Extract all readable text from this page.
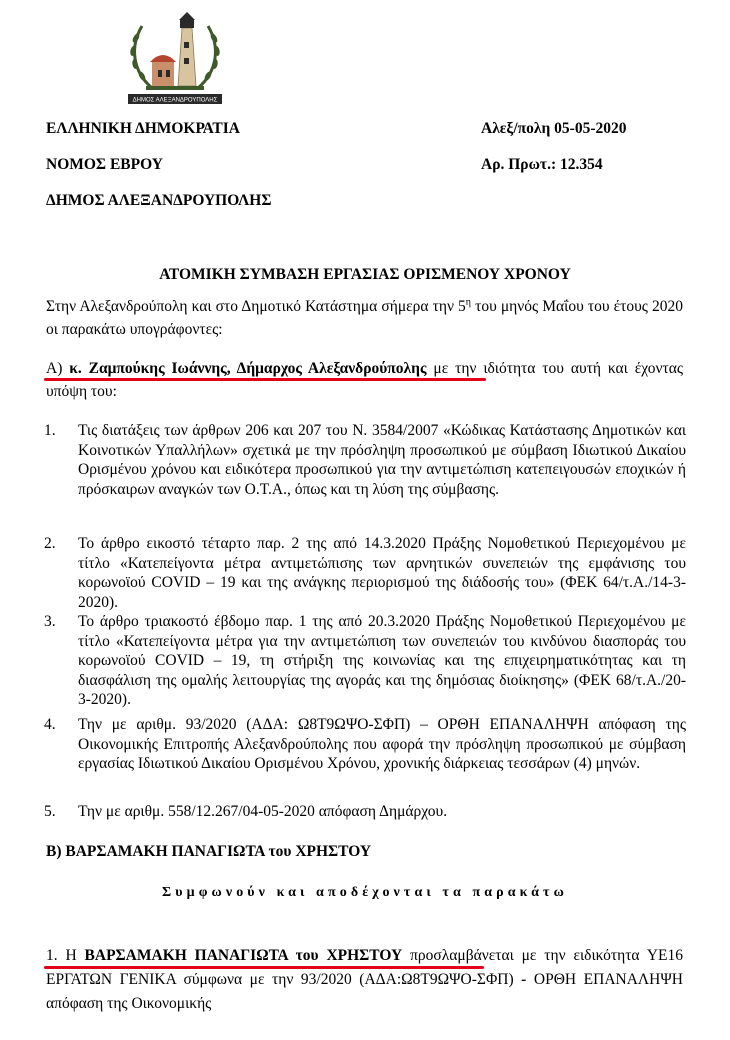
ΔΗΜΟΣ ΑΛΕΞΑΝΔΡΟΥΠΟΛΗΣ
ΕΛΛΗΝΙΚΗ ΔΗΜΟΚΡΑΤΙΑ
ΝΟΜΟΣ ΕΒΡΟΥ
ΔΗΜΟΣ ΑΛΕΞΑΝΔΡΟΥΠΟΛΗΣ
Αλεξ/πολη 05-05-2020
Αρ. Πρωτ.: 12.354
ΑΤΟΜΙΚΗ ΣΥΜΒΑΣΗ ΕΡΓΑΣΙΑΣ ΟΡΙΣΜΕΝΟΥ ΧΡΟΝΟΥ
Στην Αλεξανδρούπολη και στο Δημοτικό Κατάστημα σήμερα την $5^\eta$ του μηνός Μαΐου του έτους 2020 οι παρακάτω υπογράφοντες:
Α) κ. Ζαμπούκης Ιωάννης, Δήμαρχος Αλεξανδρούπολης με την ιδιότητα του αυτή και έχοντας υπόψη του:
1.	Τις διατάξεις των άρθρων 206 και 207 του Ν. 3584/2007 «Κώδικας Κατάστασης Δημοτικών και Κοινοτικών Υπαλλήλων» σχετικά με την πρόσληψη προσωπικού με σύμβαση Ιδιωτικού Δικαίου Ορισμένου χρόνου και ειδικότερα προσωπικού για την αντιμετώπιση κατεπειγουσών εποχικών ή πρόσκαιρων αναγκών των Ο.Τ.Α., όπως και τη λύση της σύμβασης.
2.	Το άρθρο εικοστό τέταρτο παρ. 2 της από 14.3.2020 Πράξης Νομοθετικού Περιεχομένου με τίτλο «Κατεπείγοντα μέτρα αντιμετώπισης των αρνητικών συνεπειών της εμφάνισης του κορωνοϊού COVID – 19 και της ανάγκης περιορισμού της διάδοσής του» (ΦΕΚ 64/τ.Α./14-3-2020).
3.	Το άρθρο τριακοστό έβδομο παρ. 1 της από 20.3.2020 Πράξης Νομοθετικού Περιεχομένου με τίτλο «Κατεπείγοντα μέτρα για την αντιμετώπιση των συνεπειών του κινδύνου διασποράς του κορωνοϊού COVID – 19, τη στήριξη της κοινωνίας και της επιχειρηματικότητας και τη διασφάλιση της ομαλής λειτουργίας της αγοράς και της δημόσιας διοίκησης» (ΦΕΚ 68/τ.Α./20-3-2020).
4.	Την με αριθμ. 93/2020 (ΑΔΑ: Ω8Τ9ΩΨΟ-ΣΦΠ) – ΟΡΘΗ ΕΠΑΝΑΛΗΨΗ απόφαση της Οικονομικής Επιτροπής Αλεξανδρούπολης που αφορά την πρόσληψη προσωπικού με σύμβαση εργασίας Ιδιωτικού Δικαίου Ορισμένου Χρόνου, χρονικής διάρκειας τεσσάρων (4) μηνών.
5.	Την με αριθμ. 558/12.267/04-05-2020 απόφαση Δημάρχου.
Β) ΒΑΡΣΑΜΑΚΗ ΠΑΝΑΓΙΩΤΑ του ΧΡΗΣΤΟΥ
Συμφωνούν και αποδέχονται τα παρακάτω
1. Η ΒΑΡΣΑΜΑΚΗ ΠΑΝΑΓΙΩΤΑ του ΧΡΗΣΤΟΥ προσλαμβάνεται με την ειδικότητα ΥΕ16 ΕΡΓΑΤΩΝ ΓΕΝΙΚΑ σύμφωνα με την 93/2020 (ΑΔΑ:Ω8Τ9ΩΨΟ-ΣΦΠ) - ΟΡΘΗ ΕΠΑΝΑΛΗΨΗ απόφαση της Οικονομικής
